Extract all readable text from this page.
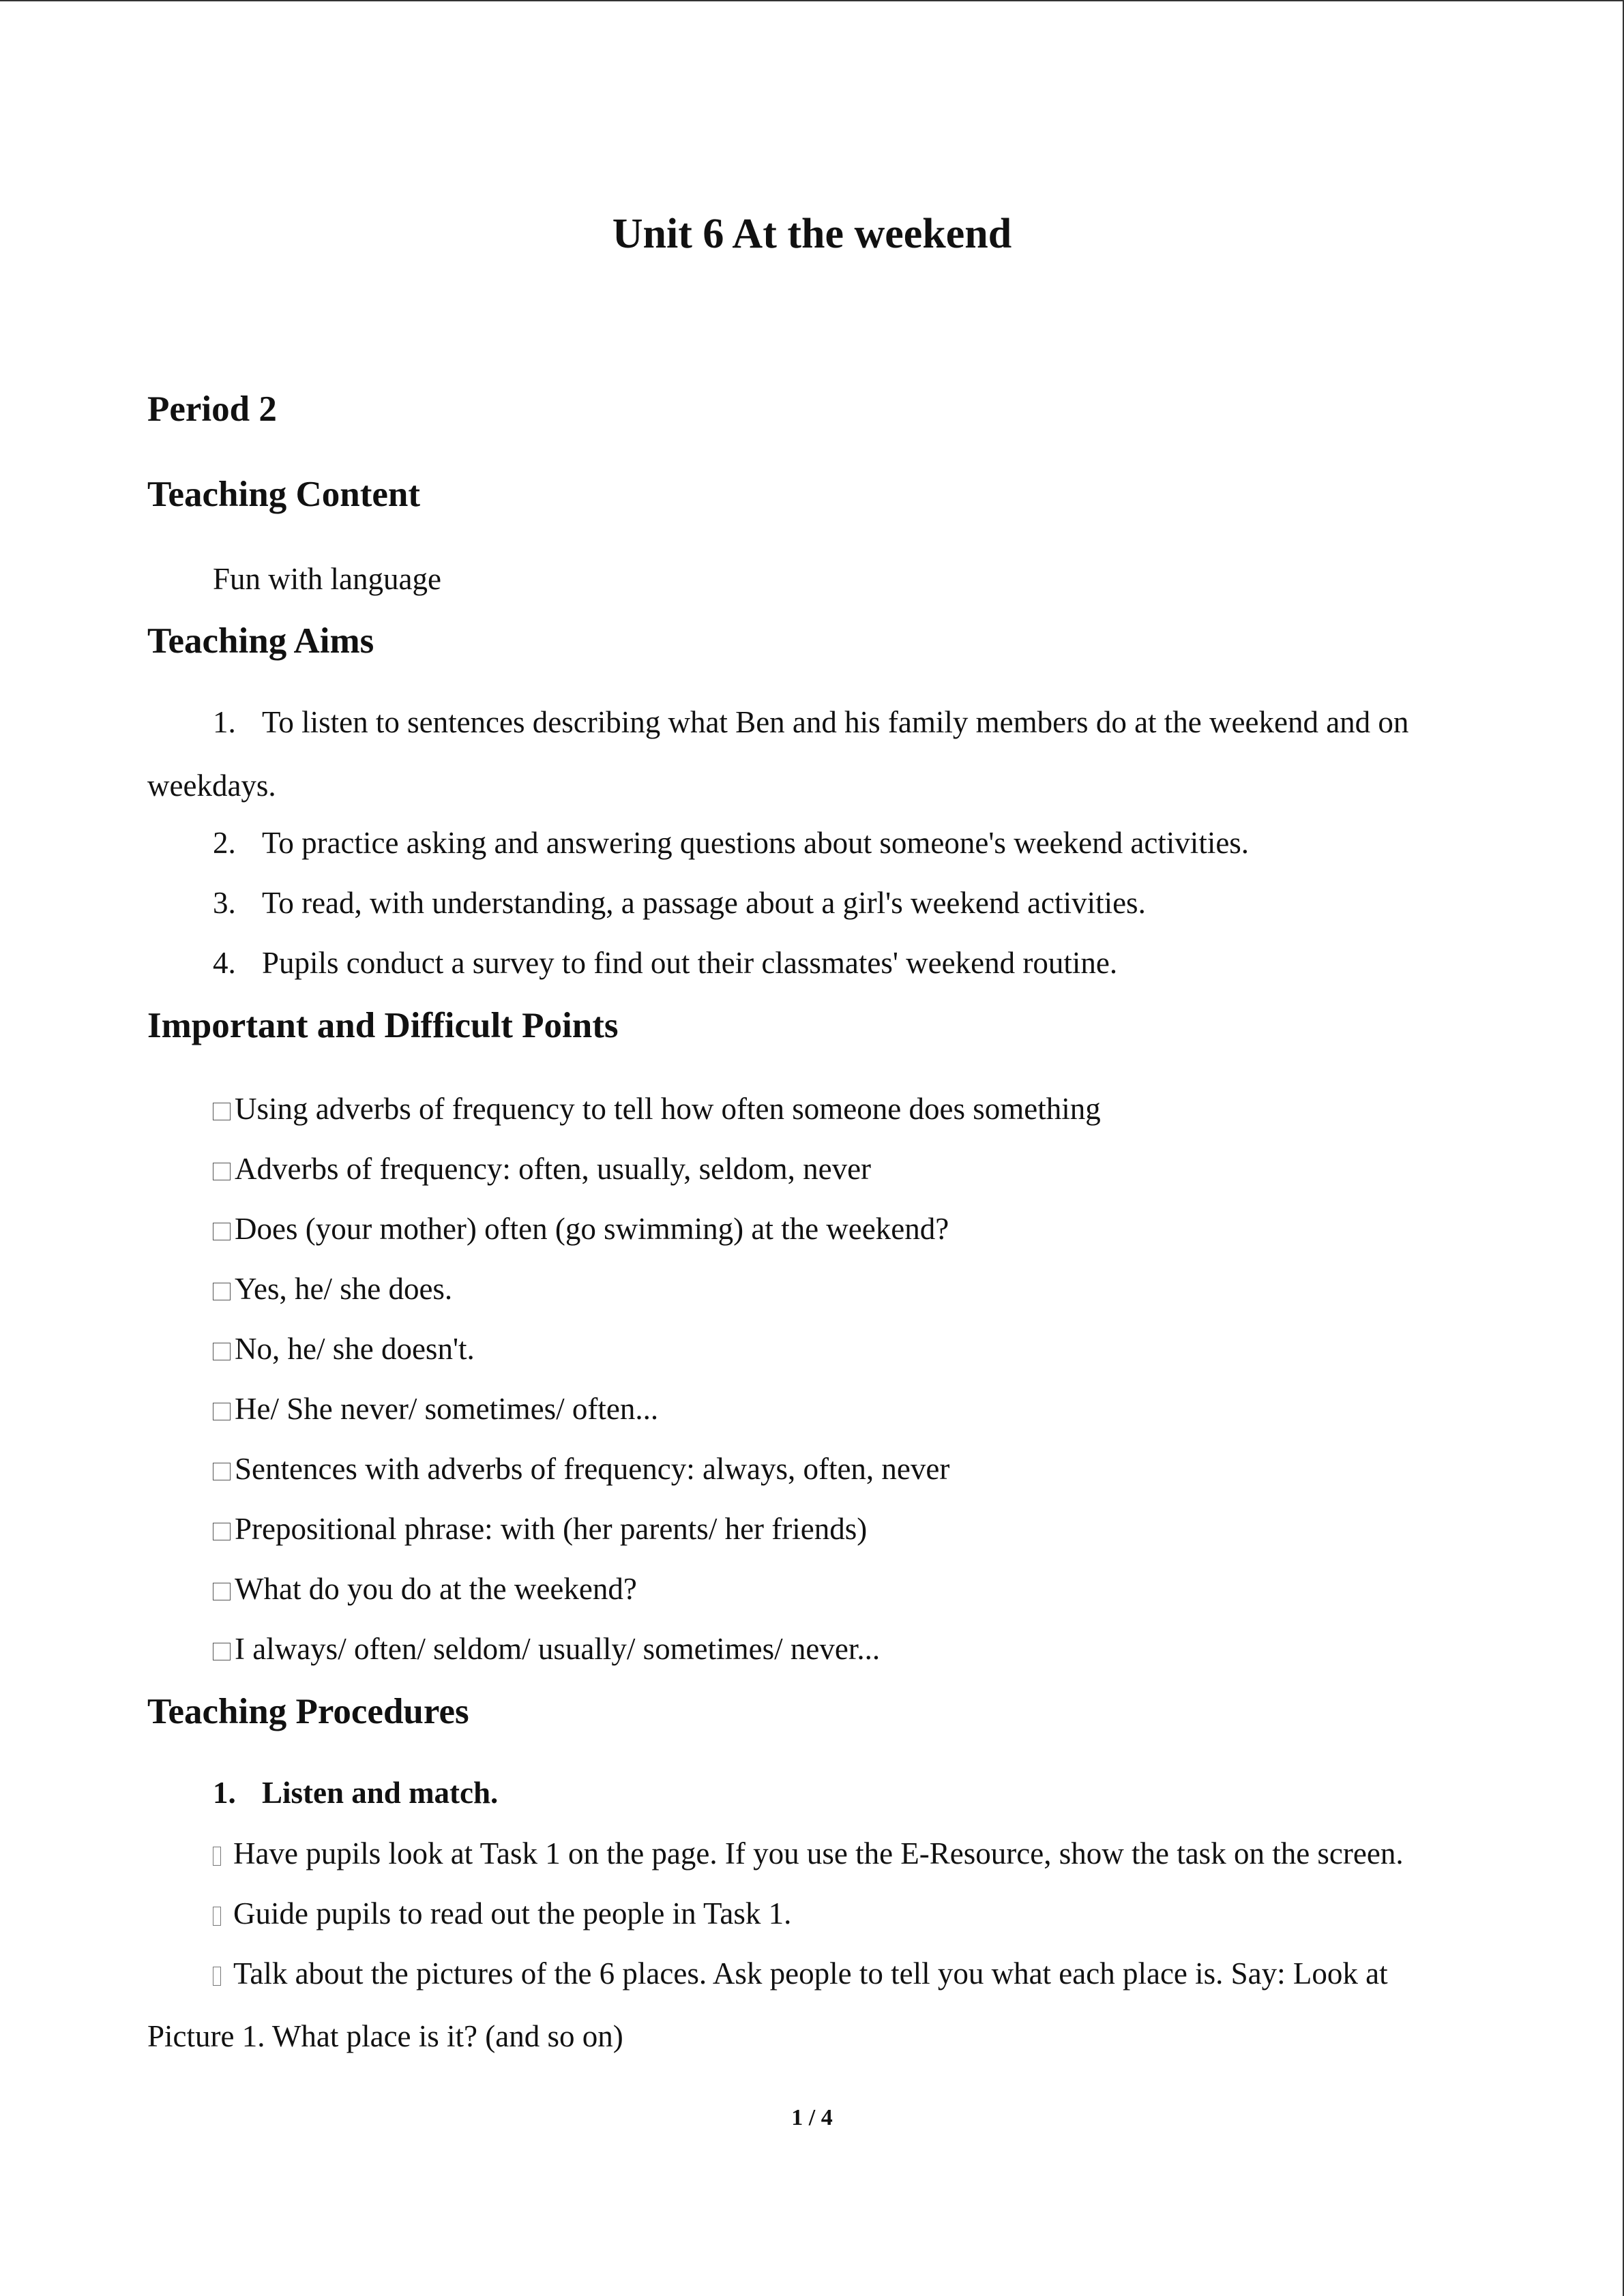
Unit 6 At the weekend
Period 2
Teaching Content
Fun with language
Teaching Aims
1. To listen to sentences describing what Ben and his family members do at the weekend and on
weekdays.
2. To practice asking and answering questions about someone's weekend activities.
3. To read, with understanding, a passage about a girl's weekend activities.
4. Pupils conduct a survey to find out their classmates' weekend routine.
Important and Difficult Points
Using adverbs of frequency to tell how often someone does something
Adverbs of frequency: often, usually, seldom, never
Does (your mother) often (go swimming) at the weekend?
Yes, he/ she does.
No, he/ she doesn't.
He/ She never/ sometimes/ often...
Sentences with adverbs of frequency: always, often, never
Prepositional phrase: with (her parents/ her friends)
What do you do at the weekend?
I always/ often/ seldom/ usually/ sometimes/ never...
Teaching Procedures
1. Listen and match.
Have pupils look at Task 1 on the page. If you use the E-Resource, show the task on the screen.
Guide pupils to read out the people in Task 1.
Talk about the pictures of the 6 places. Ask people to tell you what each place is. Say: Look at
Picture 1. What place is it? (and so on)
1 / 4
